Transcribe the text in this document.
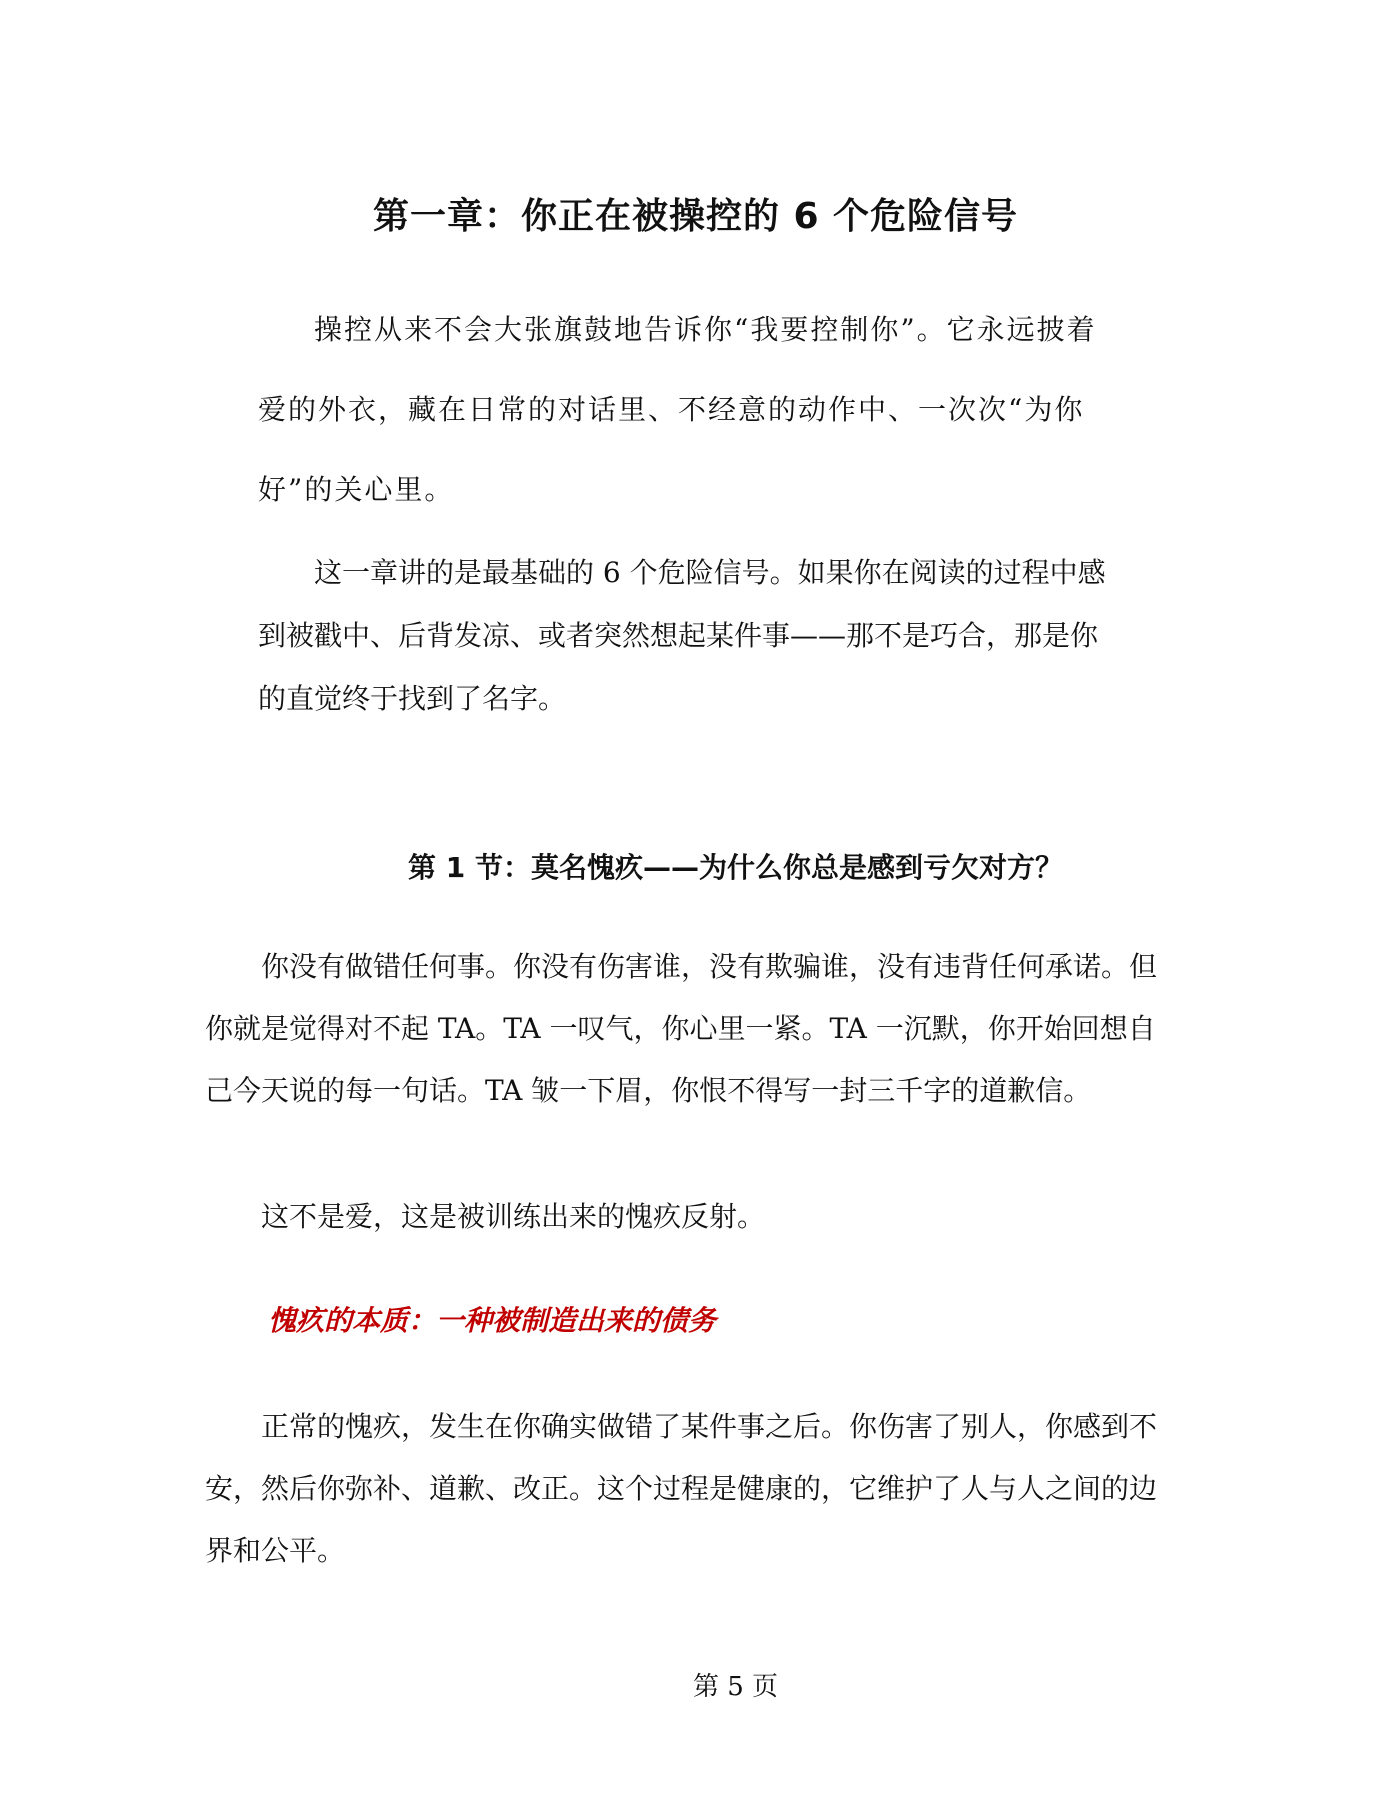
第一章：你正在被操控的 6 个危险信号

操控从来不会大张旗鼓地告诉你“我要控制你”。它永远披着爱的外衣，藏在日常的对话里、不经意的动作中、一次次“为你好”的关心里。

这一章讲的是最基础的 6 个危险信号。如果你在阅读的过程中感到被戳中、后背发凉、或者突然想起某件事——那不是巧合，那是你的直觉终于找到了名字。

第 1 节：莫名愧疚——为什么你总是感到亏欠对方？

你没有做错任何事。你没有伤害谁，没有欺骗谁，没有违背任何承诺。但你就是觉得对不起 TA。TA 一叹气，你心里一紧。TA 一沉默，你开始回想自己今天说的每一句话。TA 皱一下眉，你恨不得写一封三千字的道歉信。

这不是爱，这是被训练出来的愧疚反射。

愧疚的本质：一种被制造出来的债务

正常的愧疚，发生在你确实做错了某件事之后。你伤害了别人，你感到不安，然后你弥补、道歉、改正。这个过程是健康的，它维护了人与人之间的边界和公平。

第 5 页
